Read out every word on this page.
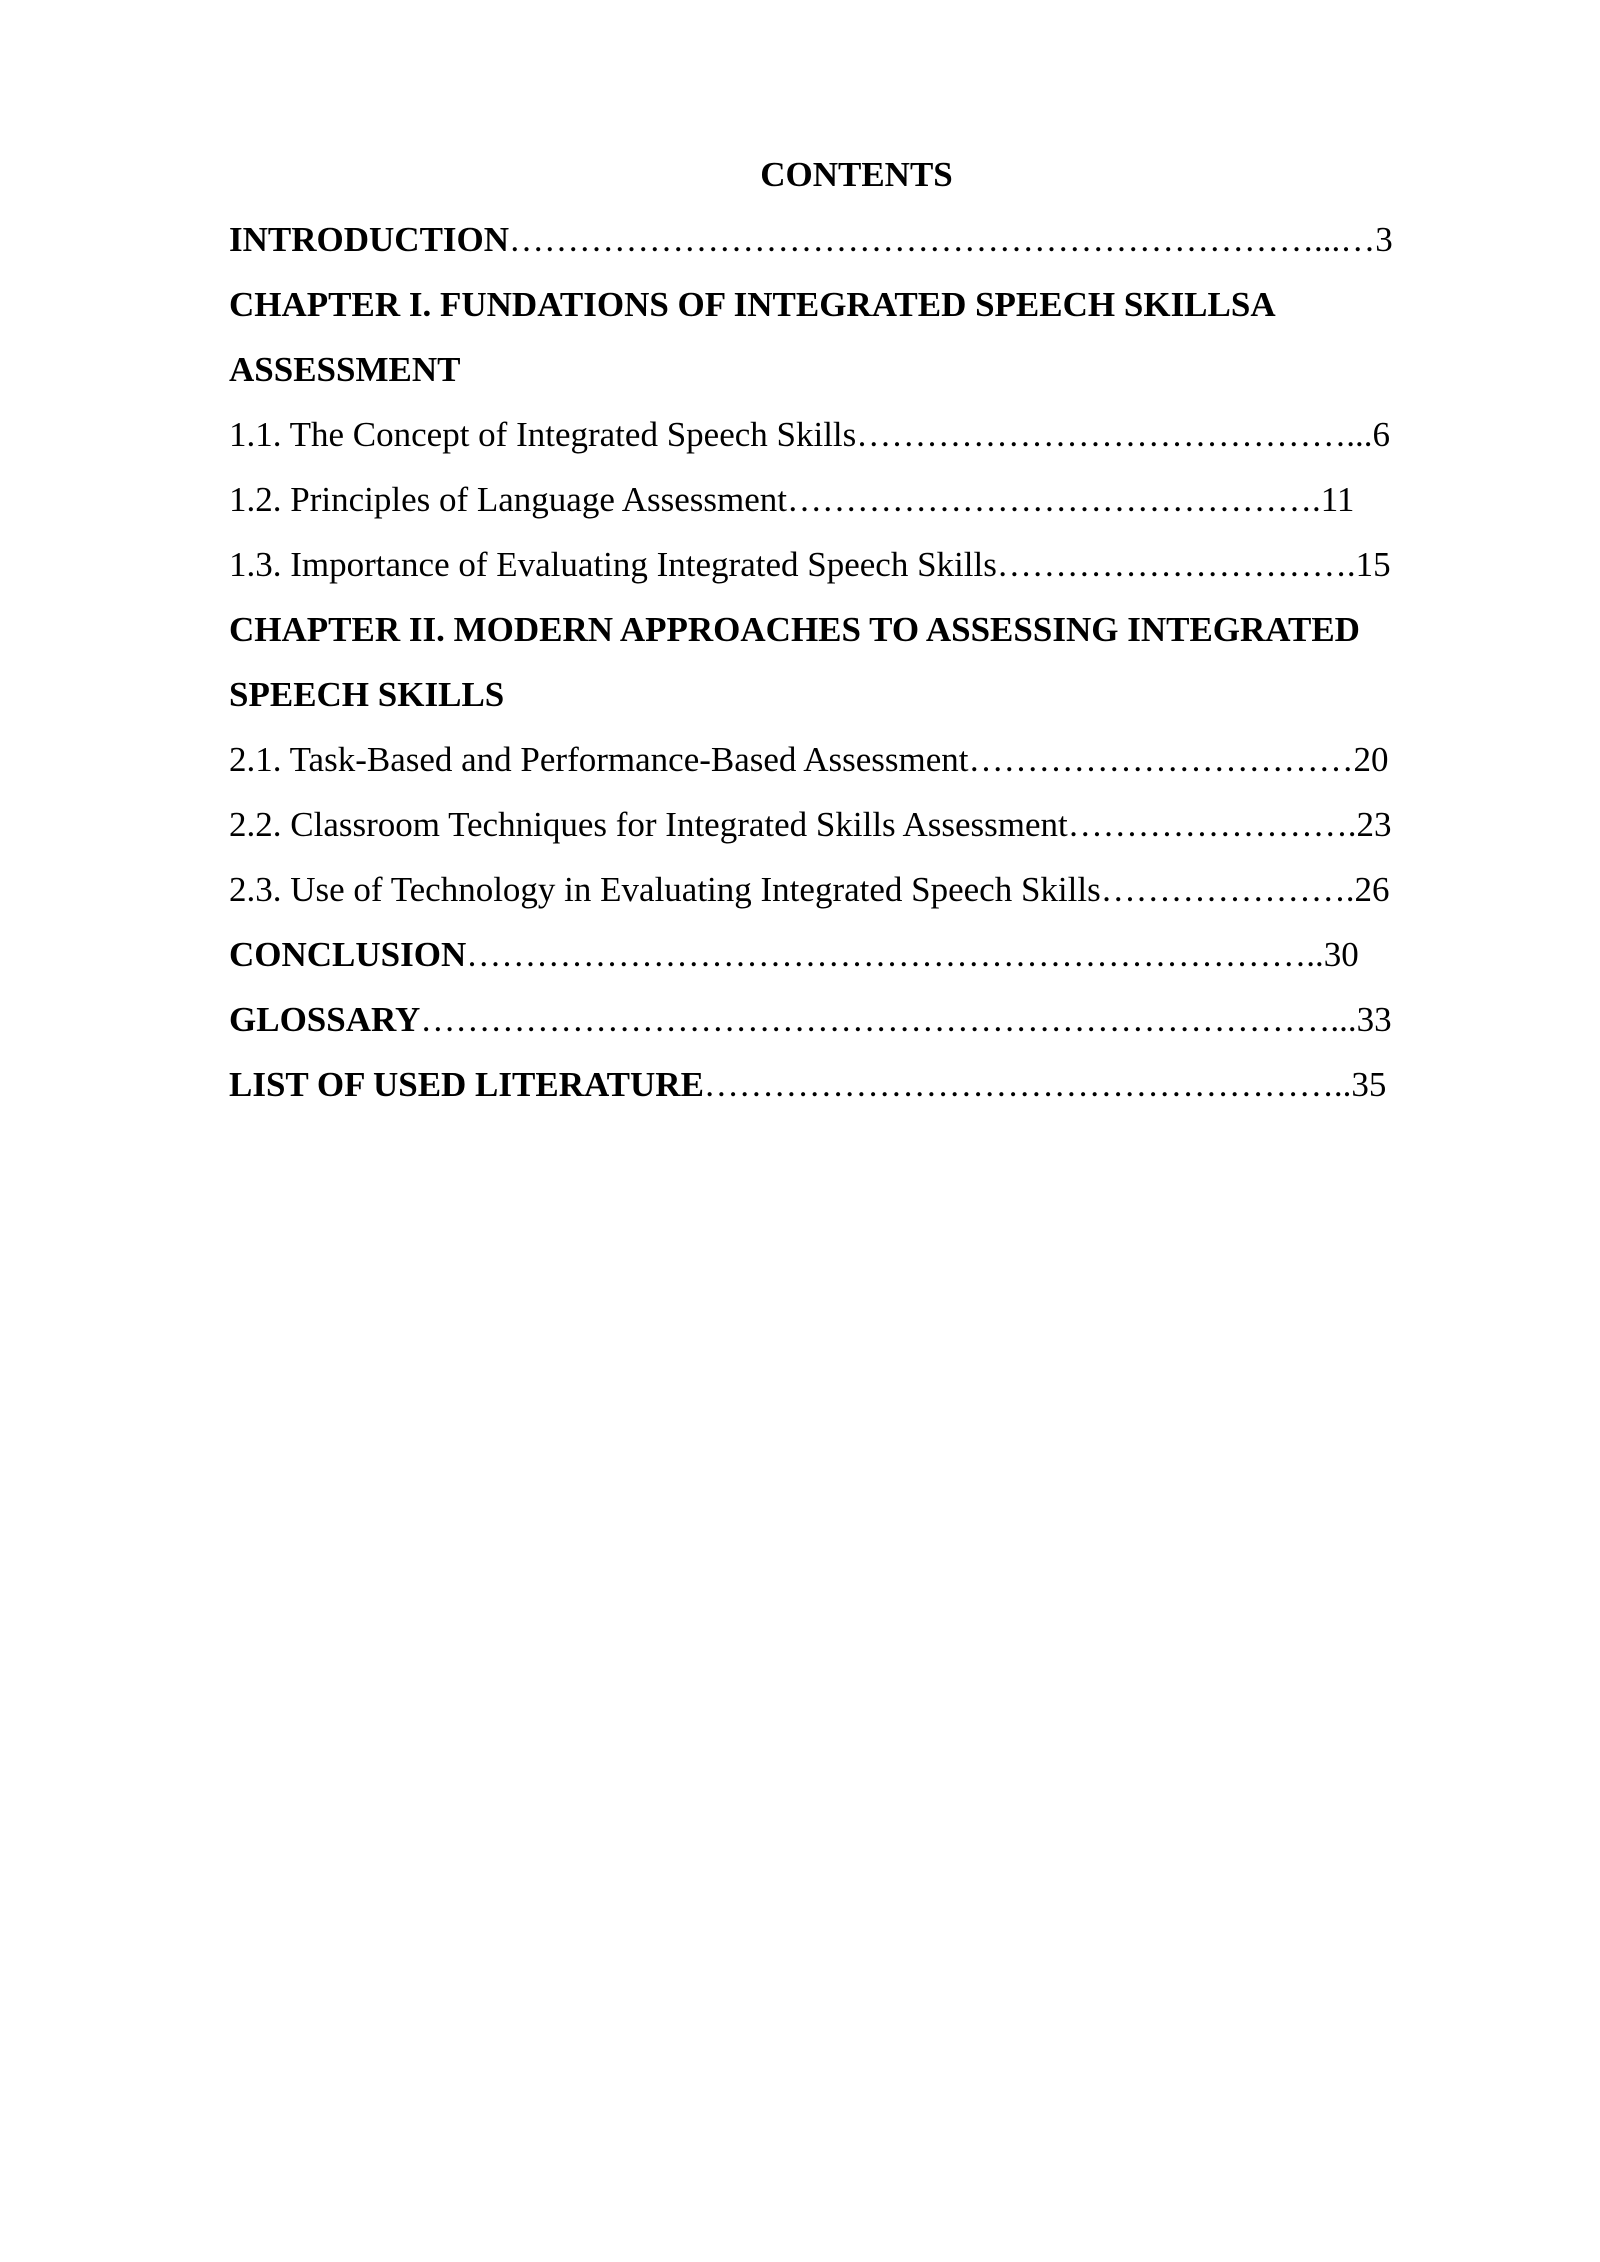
CONTENTS
INTRODUCTION……………………………………………………………...…3
CHAPTER I. FUNDATIONS OF INTEGRATED SPEECH SKILLSA
ASSESSMENT
1.1. The Concept of Integrated Speech Skills……………………………………...6
1.2. Principles of Language Assessment……………………………………….11
1.3. Importance of Evaluating Integrated Speech Skills………………………….15
CHAPTER II. MODERN APPROACHES TO ASSESSING INTEGRATED
SPEECH SKILLS
2.1. Task-Based and Performance-Based Assessment……………………………20
2.2. Classroom Techniques for Integrated Skills Assessment…………………….23
2.3. Use of Technology in Evaluating Integrated Speech Skills………………….26
CONCLUSION………………………………………………………………..30
GLOSSARY……………………………………………………………………...33
LIST OF USED LITERATURE………………………………………………..35
